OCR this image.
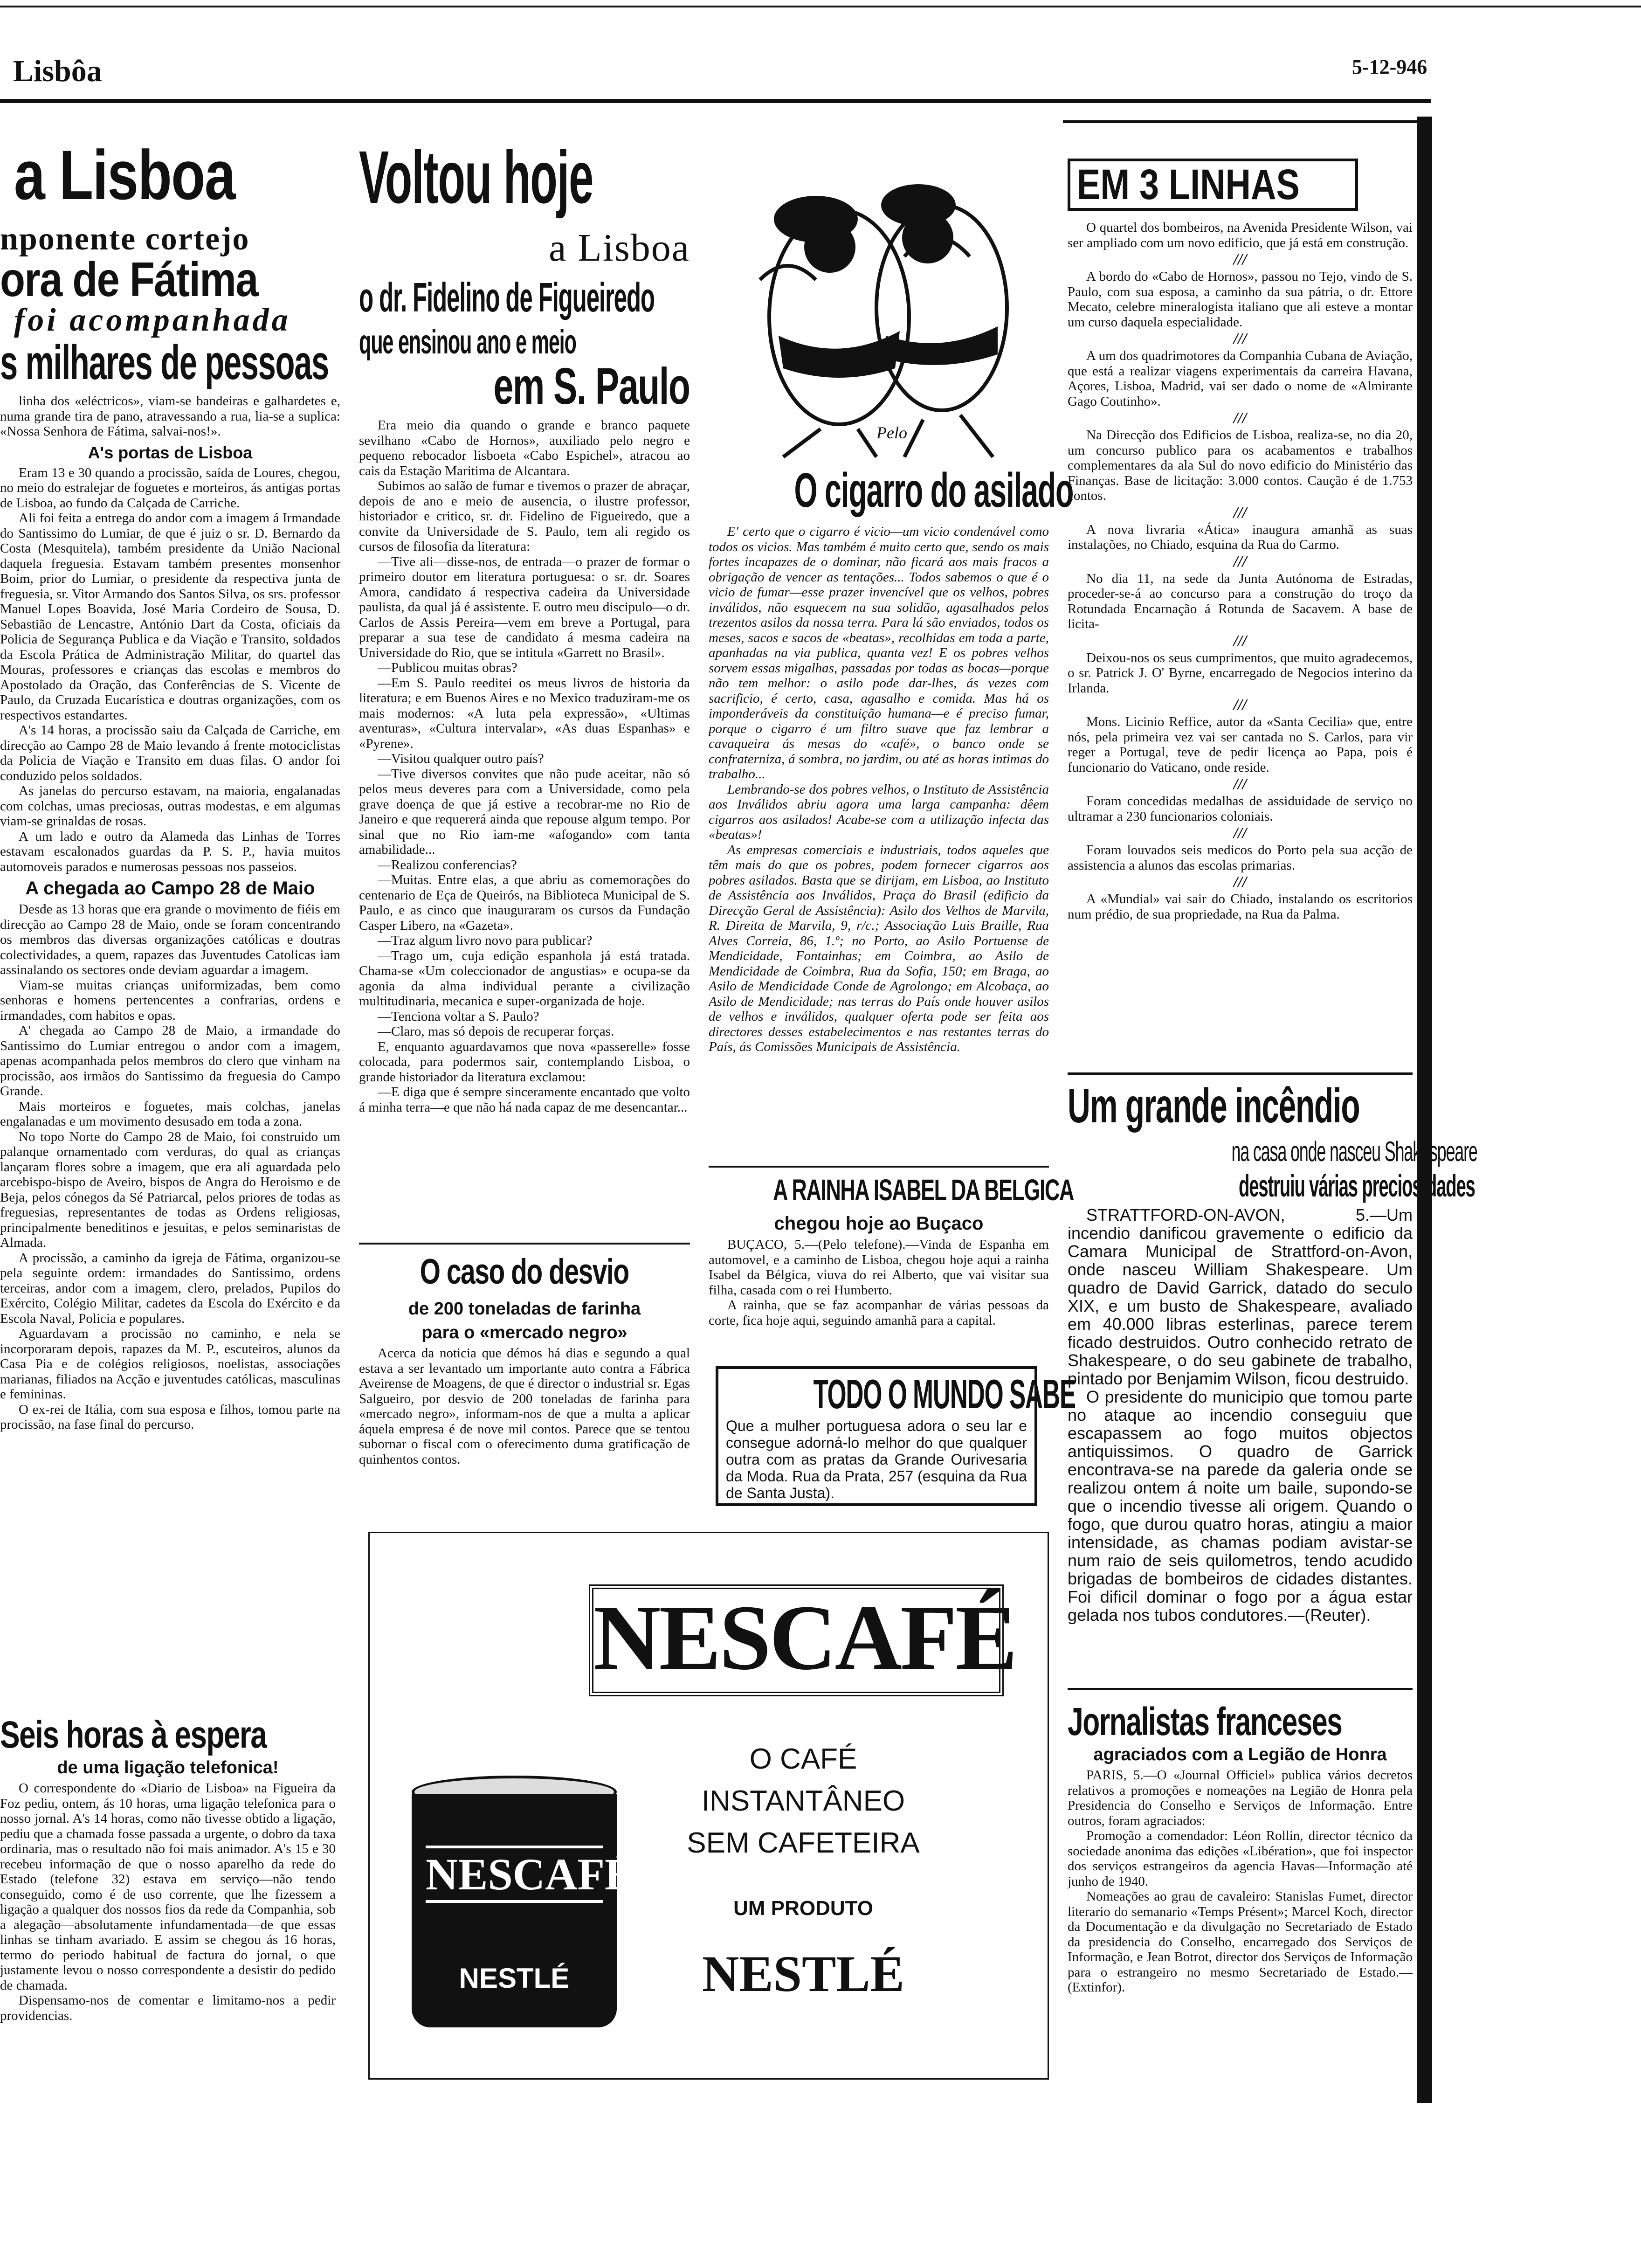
Lisbôa	5-12-946
a Lisboa
nponente cortejo
ora de Fátima
foi acompanhada
s milhares de pessoas

linha dos «eléctricos», viam-se bandeiras e galhardetes e, numa grande tira de pano, atravessando a rua, lia-se a suplica: «Nossa Senhora de Fátima, salvai-nos!».

A's portas de Lisboa

Eram 13 e 30 quando a procissão, saída de Loures, chegou, no meio do estralejar de foguetes e morteiros, ás antigas portas de Lisboa, ao fundo da Calçada de Carriche.

Ali foi feita a entrega do andor com a imagem á Irmandade do Santissimo do Lumiar, de que é juiz o sr. D. Bernardo da Costa (Mesquitela), também presidente da União Nacional daquela freguesia. Estavam também presentes monsenhor Boim, prior do Lumiar, o presidente da respectiva junta de freguesia, sr. Vitor Armando dos Santos Silva, os srs. professor Manuel Lopes Boavida, José Maria Cordeiro de Sousa, D. Sebastião de Lencastre, António Dart da Costa, oficiais da Policia de Segurança Publica e da Viação e Transito, soldados da Escola Prática de Administração Militar, do quartel das Mouras, professores e crianças das escolas e membros do Apostolado da Oração, das Conferências de S. Vicente de Paulo, da Cruzada Eucarística e doutras organizações, com os respectivos estandartes.

A's 14 horas, a procissão saiu da Calçada de Carriche, em direcção ao Campo 28 de Maio levando á frente motociclistas da Policia de Viação e Transito em duas filas. O andor foi conduzido pelos soldados.

As janelas do percurso estavam, na maioria, engalanadas com colchas, umas preciosas, outras modestas, e em algumas viam-se grinaldas de rosas.

A um lado e outro da Alameda das Linhas de Torres estavam escalonados guardas da P. S. P., havia muitos automoveis parados e numerosas pessoas nos passeios.

A chegada ao Campo 28 de Maio

Desde as 13 horas que era grande o movimento de fiéis em direcção ao Campo 28 de Maio, onde se foram concentrando os membros das diversas organizações católicas e doutras colectividades, a quem, rapazes das Juventudes Catolicas iam assinalando os sectores onde deviam aguardar a imagem.

Viam-se muitas crianças uniformizadas, bem como senhoras e homens pertencentes a confrarias, ordens e irmandades, com habitos e opas.

A' chegada ao Campo 28 de Maio, a irmandade do Santissimo do Lumiar entregou o andor com a imagem, apenas acompanhada pelos membros do clero que vinham na procissão, aos irmãos do Santissimo da freguesia do Campo Grande.

Mais morteiros e foguetes, mais colchas, janelas engalanadas e um movimento desusado em toda a zona.

No topo Norte do Campo 28 de Maio, foi construido um palanque ornamentado com verduras, do qual as crianças lançaram flores sobre a imagem, que era ali aguardada pelo arcebispo-bispo de Aveiro, bispos de Angra do Heroismo e de Beja, pelos cónegos da Sé Patriarcal, pelos priores de todas as freguesias, representantes de todas as Ordens religiosas, principalmente beneditinos e jesuitas, e pelos seminaristas de Almada.

A procissão, a caminho da igreja de Fátima, organizou-se pela seguinte ordem: irmandades do Santissimo, ordens terceiras, andor com a imagem, clero, prelados, Pupilos do Exército, Colégio Militar, cadetes da Escola do Exército e da Escola Naval, Policia e populares.

Aguardavam a procissão no caminho, e nela se incorporaram depois, rapazes da M. P., escuteiros, alunos da Casa Pia e de colégios religiosos, noelistas, associações marianas, filiados na Acção e juventudes católicas, masculinas e femininas.

O ex-rei de Itália, com sua esposa e filhos, tomou parte na procissão, na fase final do percurso.

Seis horas à espera
de uma ligação telefonica!

O correspondente do «Diario de Lisboa» na Figueira da Foz pediu, ontem, ás 10 horas, uma ligação telefonica para o nosso jornal. A's 14 horas, como não tivesse obtido a ligação, pediu que a chamada fosse passada a urgente, o dobro da taxa ordinaria, mas o resultado não foi mais animador. A's 15 e 30 recebeu informação de que o nosso aparelho da rede do Estado (telefone 32) estava em serviço—não tendo conseguido, como é de uso corrente, que lhe fizessem a ligação a qualquer dos nossos fios da rede da Companhia, sob a alegação—absolutamente infundamentada—de que essas linhas se tinham avariado. E assim se chegou ás 16 horas, termo do periodo habitual de factura do jornal, o que justamente levou o nosso correspondente a desistir do pedido de chamada.

Dispensamo-nos de comentar e limitamo-nos a pedir providencias.

Voltou hoje
a Lisboa
o dr. Fidelino de Figueiredo
que ensinou ano e meio
em S. Paulo

Era meio dia quando o grande e branco paquete sevilhano «Cabo de Hornos», auxiliado pelo negro e pequeno rebocador lisboeta «Cabo Espichel», atracou ao cais da Estação Maritima de Alcantara.

Subimos ao salão de fumar e tivemos o prazer de abraçar, depois de ano e meio de ausencia, o ilustre professor, historiador e critico, sr. dr. Fidelino de Figueiredo, que a convite da Universidade de S. Paulo, tem ali regido os cursos de filosofia da literatura:

—Tive ali—disse-nos, de entrada—o prazer de formar o primeiro doutor em literatura portuguesa: o sr. dr. Soares Amora, candidato á respectiva cadeira da Universidade paulista, da qual já é assistente. E outro meu discipulo—o dr. Carlos de Assis Pereira—vem em breve a Portugal, para preparar a sua tese de candidato á mesma cadeira na Universidade do Rio, que se intitula «Garrett no Brasil».

—Publicou muitas obras?

—Em S. Paulo reeditei os meus livros de historia da literatura; e em Buenos Aires e no Mexico traduziram-me os mais modernos: «A luta pela expressão», «Ultimas aventuras», «Cultura intervalar», «As duas Espanhas» e «Pyrene».

—Visitou qualquer outro país?

—Tive diversos convites que não pude aceitar, não só pelos meus deveres para com a Universidade, como pela grave doença de que já estive a recobrar-me no Rio de Janeiro e que requererá ainda que repouse algum tempo. Por sinal que no Rio iam-me «afogando» com tanta amabilidade...

—Realizou conferencias?

—Muitas. Entre elas, a que abriu as comemorações do centenario de Eça de Queirós, na Biblioteca Municipal de S. Paulo, e as cinco que inauguraram os cursos da Fundação Casper Libero, na «Gazeta».

—Traz algum livro novo para publicar?

—Trago um, cuja edição espanhola já está tratada. Chama-se «Um coleccionador de angustias» e ocupa-se da agonia da alma individual perante a civilização multitudinaria, mecanica e super-organizada de hoje.

—Tenciona voltar a S. Paulo?

—Claro, mas só depois de recuperar forças.

E, enquanto aguardavamos que nova «passerelle» fosse colocada, para podermos sair, contemplando Lisboa, o grande historiador da literatura exclamou:

—E diga que é sempre sinceramente encantado que volto á minha terra—e que não há nada capaz de me desencantar...

O caso do desvio
de 200 toneladas de farinha
para o «mercado negro»

Acerca da noticia que démos há dias e segundo a qual estava a ser levantado um importante auto contra a Fábrica Aveirense de Moagens, de que é director o industrial sr. Egas Salgueiro, por desvio de 200 toneladas de farinha para «mercado negro», informam-nos de que a multa a aplicar áquela empresa é de nove mil contos. Parece que se tentou subornar o fiscal com o oferecimento duma gratificação de quinhentos contos.

Pelo
O cigarro do asilado

E' certo que o cigarro é vicio—um vicio condenável como todos os vicios. Mas também é muito certo que, sendo os mais fortes incapazes de o dominar, não ficará aos mais fracos a obrigação de vencer as tentações... Todos sabemos o que é o vicio de fumar—esse prazer invencível que os velhos, pobres inválidos, não esquecem na sua solidão, agasalhados pelos trezentos asilos da nossa terra. Para lá são enviados, todos os meses, sacos e sacos de «beatas», recolhidas em toda a parte, apanhadas na via publica, quanta vez! E os pobres velhos sorvem essas migalhas, passadas por todas as bocas—porque não tem melhor: o asilo pode dar-lhes, ás vezes com sacrificio, é certo, casa, agasalho e comida. Mas há os imponderáveis da constituição humana—e é preciso fumar, porque o cigarro é um filtro suave que faz lembrar a cavaqueira ás mesas do «café», o banco onde se confraterniza, á sombra, no jardim, ou até as horas intimas do trabalho...

Lembrando-se dos pobres velhos, o Instituto de Assistência aos Inválidos abriu agora uma larga campanha: dêem cigarros aos asilados! Acabe-se com a utilização infecta das «beatas»!

As empresas comerciais e industriais, todos aqueles que têm mais do que os pobres, podem fornecer cigarros aos pobres asilados. Basta que se dirijam, em Lisboa, ao Instituto de Assistência aos Inválidos, Praça do Brasil (edificio da Direcção Geral de Assistência): Asilo dos Velhos de Marvila, R. Direita de Marvila, 9, r/c.; Associação Luis Braille, Rua Alves Correia, 86, 1.º; no Porto, ao Asilo Portuense de Mendicidade, Fontainhas; em Coimbra, ao Asilo de Mendicidade de Coimbra, Rua da Sofia, 150; em Braga, ao Asilo de Mendicidade Conde de Agrolongo; em Alcobaça, ao Asilo de Mendicidade; nas terras do País onde houver asilos de velhos e inválidos, qualquer oferta pode ser feita aos directores desses estabelecimentos e nas restantes terras do País, ás Comissões Municipais de Assistência.

A RAINHA ISABEL DA BELGICA
chegou hoje ao Buçaco

BUÇACO, 5.—(Pelo telefone).—Vinda de Espanha em automovel, e a caminho de Lisboa, chegou hoje aqui a rainha Isabel da Bélgica, viuva do rei Alberto, que vai visitar sua filha, casada com o rei Humberto.

A rainha, que se faz acompanhar de várias pessoas da corte, fica hoje aqui, seguindo amanhã para a capital.

TODO O MUNDO SABE
Que a mulher portuguesa adora o seu lar e consegue adorná-lo melhor do que qualquer outra com as pratas da Grande Ourivesaria da Moda. Rua da Prata, 257 (esquina da Rua de Santa Justa).
EM 3 LINHAS

O quartel dos bombeiros, na Avenida Presidente Wilson, vai ser ampliado com um novo edificio, que já está em construção.

///

A bordo do «Cabo de Hornos», passou no Tejo, vindo de S. Paulo, com sua esposa, a caminho da sua pátria, o dr. Ettore Mecato, celebre mineralogista italiano que ali esteve a montar um curso daquela especialidade.

///

A um dos quadrimotores da Companhia Cubana de Aviação, que está a realizar viagens experimentais da carreira Havana, Açores, Lisboa, Madrid, vai ser dado o nome de «Almirante Gago Coutinho».

///

Na Direcção dos Edificios de Lisboa, realiza-se, no dia 20, um concurso publico para os acabamentos e trabalhos complementares da ala Sul do novo edificio do Ministério das Finanças. Base de licitação: 3.000 contos. Caução é de 1.753 contos.

///

A nova livraria «Ática» inaugura amanhã as suas instalações, no Chiado, esquina da Rua do Carmo.

///

No dia 11, na sede da Junta Autónoma de Estradas, proceder-se-á ao concurso para a construção do troço da Rotundada Encarnação á Rotunda de Sacavem. A base de licita-

///

Deixou-nos os seus cumprimentos, que muito agradecemos, o sr. Patrick J. O' Byrne, encarregado de Negocios interino da Irlanda.

///

Mons. Licinio Reffice, autor da «Santa Cecilia» que, entre nós, pela primeira vez vai ser cantada no S. Carlos, para vir reger a Portugal, teve de pedir licença ao Papa, pois é funcionario do Vaticano, onde reside.

///

Foram concedidas medalhas de assiduidade de serviço no ultramar a 230 funcionarios coloniais.

///

Foram louvados seis medicos do Porto pela sua acção de assistencia a alunos das escolas primarias.

///

A «Mundial» vai sair do Chiado, instalando os escritorios num prédio, de sua propriedade, na Rua da Palma.

Um grande incêndio
na casa onde nasceu Shakespeare
destruiu várias preciosidades

STRATTFORD-ON-AVON, 5.—Um incendio danificou gravemente o edificio da Camara Municipal de Strattford-on-Avon, onde nasceu William Shakespeare. Um quadro de David Garrick, datado do seculo XIX, e um busto de Shakespeare, avaliado em 40.000 libras esterlinas, parece terem ficado destruidos. Outro conhecido retrato de Shakespeare, o do seu gabinete de trabalho, pintado por Benjamim Wilson, ficou destruido.

O presidente do municipio que tomou parte no ataque ao incendio conseguiu que escapassem ao fogo muitos objectos antiquissimos. O quadro de Garrick encontrava-se na parede da galeria onde se realizou ontem á noite um baile, supondo-se que o incendio tivesse ali origem. Quando o fogo, que durou quatro horas, atingiu a maior intensidade, as chamas podiam avistar-se num raio de seis quilometros, tendo acudido brigadas de bombeiros de cidades distantes. Foi dificil dominar o fogo por a água estar gelada nos tubos condutores.—(Reuter).

Jornalistas franceses
agraciados com a Legião de Honra

PARIS, 5.—O «Journal Officiel» publica vários decretos relativos a promoções e nomeações na Legião de Honra pela Presidencia do Conselho e Serviços de Informação. Entre outros, foram agraciados:

Promoção a comendador: Léon Rollin, director técnico da sociedade anonima das edições «Libération», que foi inspector dos serviços estrangeiros da agencia Havas—Informação até junho de 1940.

Nomeações ao grau de cavaleiro: Stanislas Fumet, director literario do semanario «Temps Présent»; Marcel Koch, director da Documentação e da divulgação no Secretariado de Estado da presidencia do Conselho, encarregado dos Serviços de Informação, e Jean Botrot, director dos Serviços de Informação para o estrangeiro no mesmo Secretariado de Estado.—(Extinfor).

NESCAFÉ
O CAFÉ
INSTANTÂNEO
SEM CAFETEIRA
UM PRODUTO
NESTLÉ
NESCAFÉ
NESTLÉ
